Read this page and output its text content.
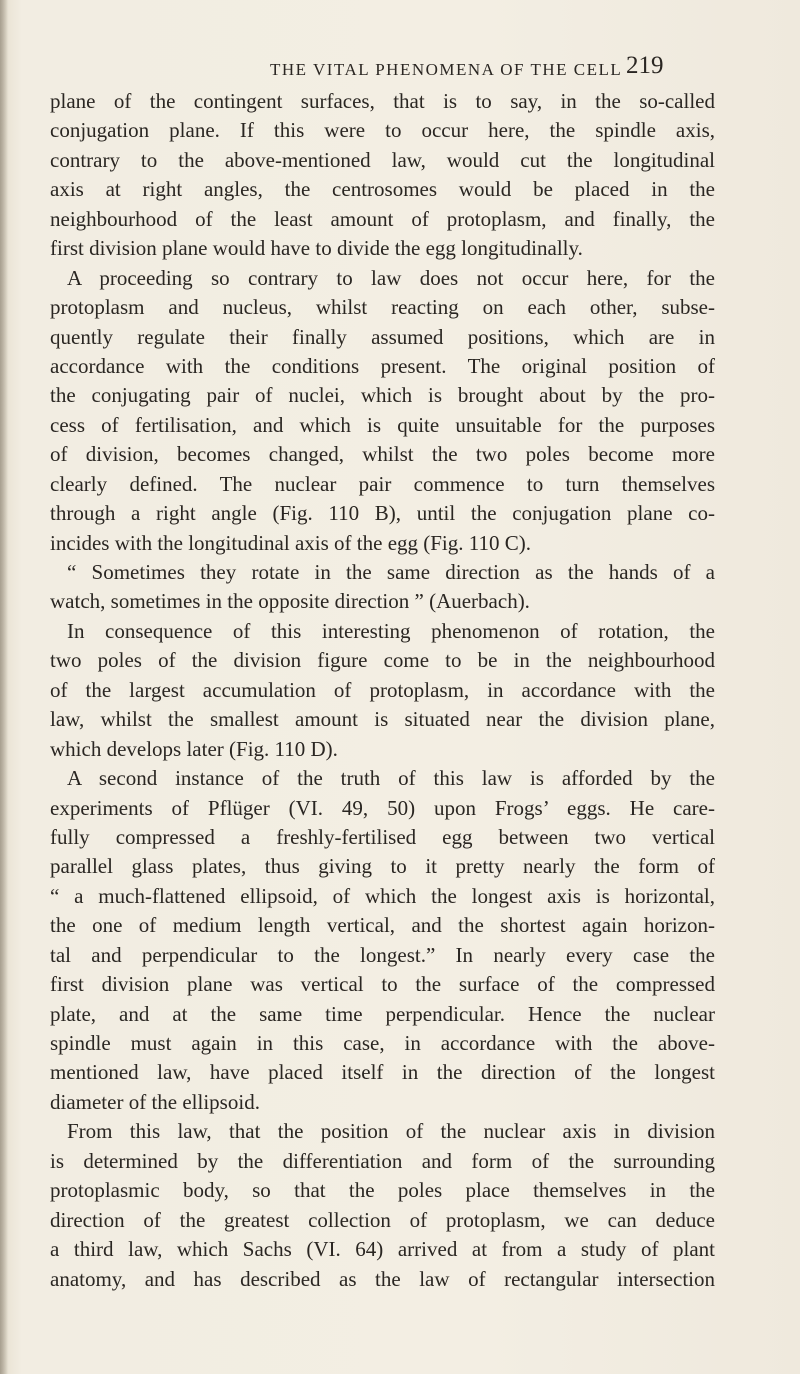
THE VITAL PHENOMENA OF THE CELL 219
plane of the contingent surfaces, that is to say, in the so-called
conjugation plane. If this were to occur here, the spindle axis,
contrary to the above-mentioned law, would cut the longitudinal
axis at right angles, the centrosomes would be placed in the
neighbourhood of the least amount of protoplasm, and finally, the
first division plane would have to divide the egg longitudinally.
A proceeding so contrary to law does not occur here, for the
protoplasm and nucleus, whilst reacting on each other, subse-
quently regulate their finally assumed positions, which are in
accordance with the conditions present. The original position of
the conjugating pair of nuclei, which is brought about by the pro-
cess of fertilisation, and which is quite unsuitable for the purposes
of division, becomes changed, whilst the two poles become more
clearly defined. The nuclear pair commence to turn themselves
through a right angle (Fig. 110 B), until the conjugation plane co-
incides with the longitudinal axis of the egg (Fig. 110 C).
“ Sometimes they rotate in the same direction as the hands of a
watch, sometimes in the opposite direction ” (Auerbach).
In consequence of this interesting phenomenon of rotation, the
two poles of the division figure come to be in the neighbourhood
of the largest accumulation of protoplasm, in accordance with the
law, whilst the smallest amount is situated near the division plane,
which develops later (Fig. 110 D).
A second instance of the truth of this law is afforded by the
experiments of Pflüger (VI. 49, 50) upon Frogs’ eggs. He care-
fully compressed a freshly-fertilised egg between two vertical
parallel glass plates, thus giving to it pretty nearly the form of
“ a much-flattened ellipsoid, of which the longest axis is horizontal,
the one of medium length vertical, and the shortest again horizon-
tal and perpendicular to the longest.” In nearly every case the
first division plane was vertical to the surface of the compressed
plate, and at the same time perpendicular. Hence the nuclear
spindle must again in this case, in accordance with the above-
mentioned law, have placed itself in the direction of the longest
diameter of the ellipsoid.
From this law, that the position of the nuclear axis in division
is determined by the differentiation and form of the surrounding
protoplasmic body, so that the poles place themselves in the
direction of the greatest collection of protoplasm, we can deduce
a third law, which Sachs (VI. 64) arrived at from a study of plant
anatomy, and has described as the law of rectangular intersection
